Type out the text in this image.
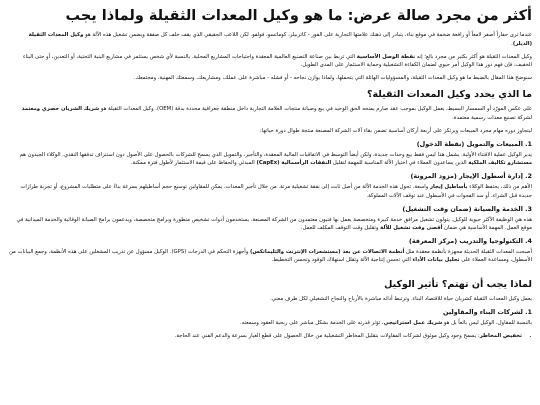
أكثر من مجرد صالة عرض: ما هو وكيل المعدات الثقيلة ولماذا يجب

عندما ترى حفاراً أصفر لامعاً أو رافعة ضخمة في موقع بناء، يتبادر إلى ذهنك علامتها التجارية على الفور - كاتربيلر، كوماتسو، فولفو. لكن اللاعب الحقيقي الذي يقف خلف كل صفقة ويضمن تشغيل هذه الآلة هو وكيل المعدات الثقيلة (الديلر).

وكيل المعدات الثقيلة هو أكثر بكثير من مجرد بائع؛ إنه نقطة الوصل الأساسية التي تربط بين صناعة التصنيع العالمية المعقدة واحتياجات المشاريع المحلية. بالنسبة لأي شخص يستثمر في مشاريع البنية التحتية، أو التعدين، أو حتى البناء الخفيف، فإن فهم دور هذا الوكيل أمر حيوي لضمان الكفاءة التشغيلية وحماية الاستثمار على المدى الطويل.

سنوضح هذا المقال بالضبط ما هو وكيل المعدات الثقيلة، والمسؤوليات الهائلة التي يتحملها، ولماذا يوازن نجاحه - أو فشله - مباشرة على عملك، ومشاريعك، وسمعتك المهنية، ومجتمعك.

ما الذي يحدد وكيل المعدات الثقيلة؟

على عكس المورّد أو السمسار البسيط، يعمل الوكيل بموجب عقد صارم يمنحه الحق الوحيد في بيع وصيانة منتجات العلامة التجارية داخل منطقة جغرافية محددة بدقة (OEM). وكيل المعدات الثقيلة هو شريك الشريان حصري ومعتمد لشركة تصنيع معدات رسمية معتمدة.

ليتجاوز دوره مهام مجرد المبيعات ويرتكز على أربعة أركان أساسية تضمن بقاء آلات الشركة المصنعة منتجة طوال دورة حياتها:

1. المبيعات والتمويل (نقطة الدخول)

يدير الوكيل عملية الاقتناء الأولية. يشمل هذا ليس فقط بيع وحدات جديدة، ولكن أيضاً التوسط في الاتفاقيات المالية المعقدة، والتأجير، والتمويل الذي يسمح للشركات بالحصول على الأصول دون استنزاف تدفقها النقدي. الوكلاء الجيدون هم مستشارو تكاليف الملكية الذين يساعدون العملاء في اختيار الآلة المناسبة للمهمة لتقليل النفقات الرأسمالية (CapEx) المبدئي والحفاظ على قيمة الاستثمار لأطول فترة ممكنة.

2. إدارة أسطول الإيجار (مزود المرونة)

الأهم من ذلك، يحتفظ الوكلاء بأساطيل إيجار واسعة. تحول هذه الخدمة الآلة من أصل ثابت إلى نفقة تشغيلية مرنة. من خلال تأجير المعدات، يمكن للمقاولين توسيع حجم أساطيلهم بسرعة بناءً على متطلبات المشروع، أو تجربة طرازات جديدة قبل الشراء، أو سد الفجوات في الأسطول عند توقف الآلات المملوكة.

3. الخدمة والصيانة (ضمان وقت التشغيل)

هذه هي الوظيفة الأكثر حيوية للوكيل. يتولون تشغيل مرافق خدمة كبيرة ومتخصصة يعمل بها فنيون معتمدون من الشركة المصنعة. يستخدمون أدوات تشخيص متطورة وبرامج متخصصة، ويدعمون برامج الصيانة الوقائية والخدمة الميدانية في موقع العمل. المهمة الأساسية هي ضمان أقصى وقت تشغيل للآلة وتقليل وقت التوقف المكلف للعمل.

4. التكنولوجيا والتدريب (مركز المعرفة)

أصبحت المعدات الثقيلة الحديثة مجهزة بأنظمة معقدة مثل أنظمة الاتصالات عن بعد (مستشعرات الإنترنت والتليماتكس) وأجهزة التحكم في الدرجات (GPS). الوكيل مسؤول عن تدريب المشغلين على هذه الأنظمة، وجمع البيانات من الأسطول، ومساعدة العملاء على تحليل بيانات الأداء التي تحسن إنتاجية الآلة وتقلل استهلاك الوقود وتحسن التخطيط.

لماذا يجب أن تهتم؟ تأثير الوكيل

يعمل وكيل المعدات الثقيلة كشريان حياة للاقتصاد البناء. وترتبط أدائه مباشرة بالأرباح والنجاح التشغيلي لكل طرف معني.

1. لشركات البناء والمقاولين

بالنسبة للمقاول، الوكيل ليس بائعاً بل هو شريك عمل استراتيجي، تؤثر قدرته على الخدمة بشكل مباشر على ربحية العقود وسمعته.

• تخفيض المخاطر: يسمح وجود وكيل موثوق لشركات المقاولات بتقليل المخاطر التشغيلية من خلال الحصول على قطع الغيار بسرعة والدعم الفني عند الحاجة.
